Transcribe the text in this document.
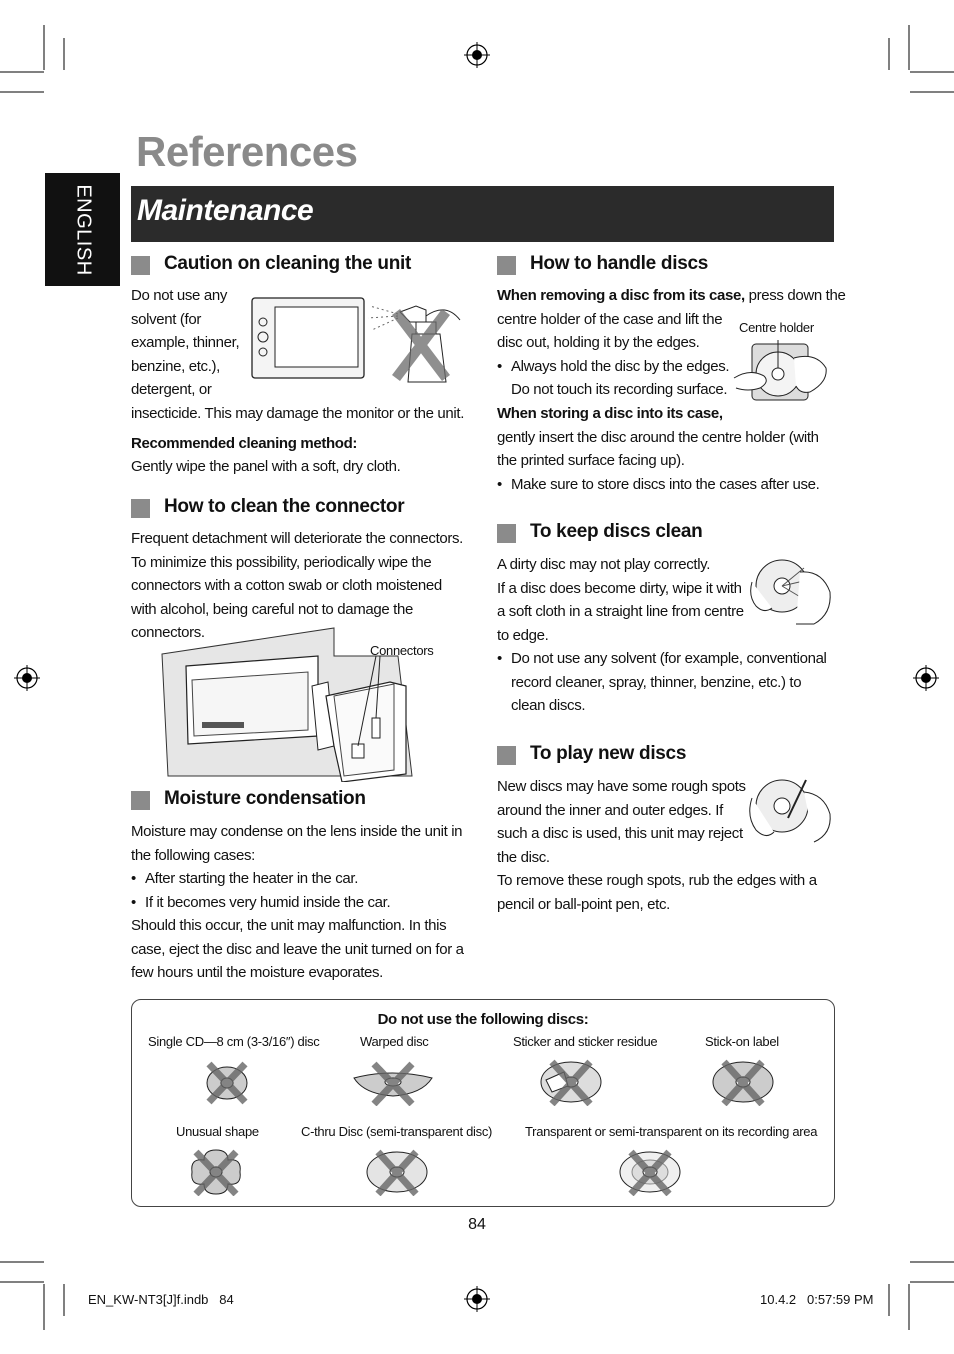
References
ENGLISH Maintenance
Caution on cleaning the unit
Do not use any
solvent (for
example, thinner,
benzine, etc.),
detergent, or
insecticide. This may damage the monitor or the unit.
Recommended cleaning method:
Gently wipe the panel with a soft, dry cloth.
How to clean the connector
Frequent detachment will deteriorate the connectors. To minimize this possibility, periodically wipe the connectors with a cotton swab or cloth moistened with alcohol, being careful not to damage the connectors.
Connectors
Moisture condensation
Moisture may condense on the lens inside the unit in the following cases:
• After starting the heater in the car.
• If it becomes very humid inside the car.
Should this occur, the unit may malfunction. In this case, eject the disc and leave the unit turned on for a few hours until the moisture evaporates.
How to handle discs
When removing a disc from its case, press down the
centre holder of the case and lift the
disc out, holding it by the edges.
• Always hold the disc by the edges.
Do not touch its recording surface.
Centre holder
When storing a disc into its case,
gently insert the disc around the centre holder (with the printed surface facing up).
• Make sure to store discs into the cases after use.
To keep discs clean
A dirty disc may not play correctly.
If a disc does become dirty, wipe it with
a soft cloth in a straight line from centre
to edge.
• Do not use any solvent (for example, conventional record cleaner, spray, thinner, benzine, etc.) to clean discs.
To play new discs
New discs may have some rough spots
around the inner and outer edges. If
such a disc is used, this unit may reject
the disc.
To remove these rough spots, rub the edges with a pencil or ball-point pen, etc.
Do not use the following discs:
Single CD—8 cm (3-3/16″) disc	Warped disc	Sticker and sticker residue	Stick-on label
Unusual shape	C-thru Disc (semi-transparent disc)	Transparent or semi-transparent on its recording area
84
EN_KW-NT3[J]f.indb   84	10.4.2   0:57:59 PM
